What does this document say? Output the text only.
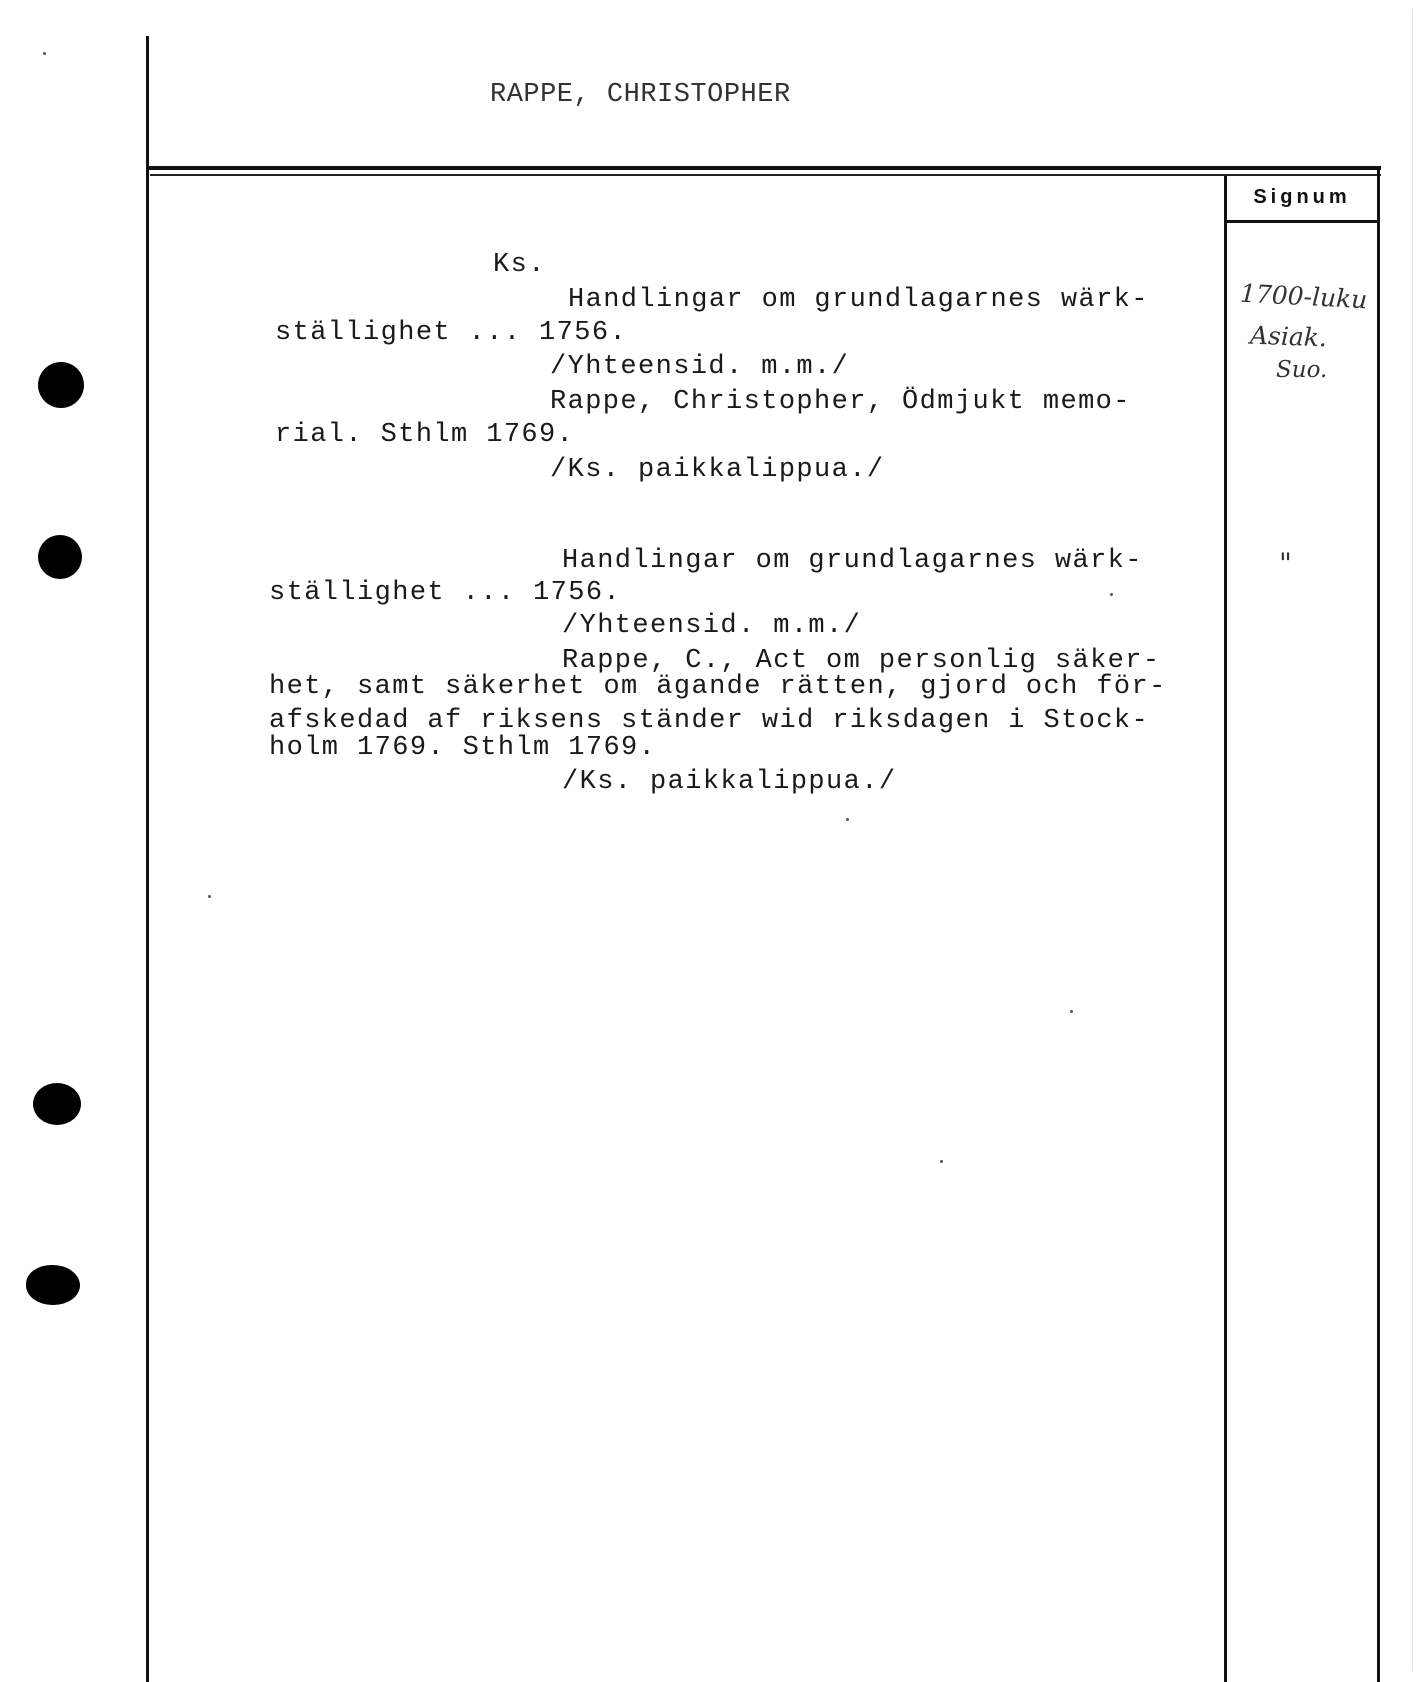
RAPPE, CHRISTOPHER
Signum
1700-luku
Asiak.
Suo.
"
Ks.
Handlingar om grundlagarnes wärk-
ställighet ... 1756.
/Yhteensid. m.m./
Rappe, Christopher, Ödmjukt memo-
rial. Sthlm 1769.
/Ks. paikkalippua./
Handlingar om grundlagarnes wärk-
ställighet ... 1756.
/Yhteensid. m.m./
Rappe, C., Act om personlig säker-
het, samt säkerhet om ägande rätten, gjord och för-
afskedad af riksens ständer wid riksdagen i Stock-
holm 1769. Sthlm 1769.
/Ks. paikkalippua./
